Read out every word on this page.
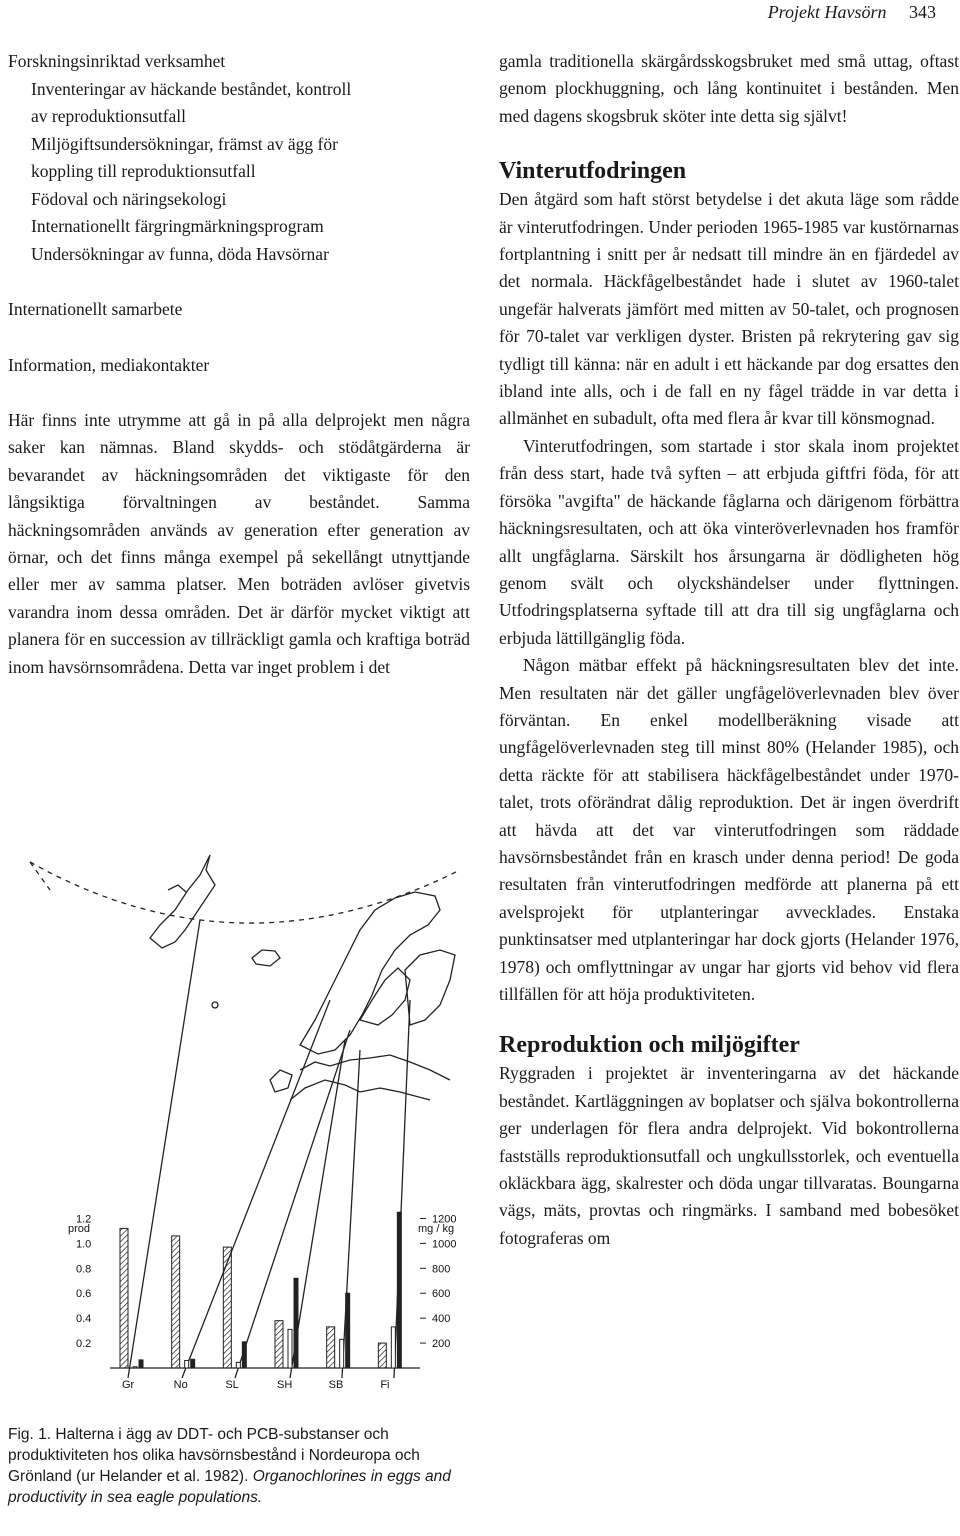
Projekt Havsörn 343

Forskningsinriktad verksamhet

Inventeringar av häckande beståndet, kontroll

av reproduktionsutfall

Miljögiftsundersökningar, främst av ägg för

koppling till reproduktionsutfall

Födoval och näringsekologi

Internationellt färgringmärkningsprogram

Undersökningar av funna, döda Havsörnar

Internationellt samarbete

Information, mediakontakter

Här finns inte utrymme att gå in på alla delprojekt men några saker kan nämnas. Bland skydds- och stödåtgärderna är bevarandet av häckningsområden det viktigaste för den långsiktiga förvaltningen av beståndet. Samma häckningsområden används av generation efter generation av örnar, och det finns många exempel på sekellångt utnyttjande eller mer av samma platser. Men boträden avlöser givetvis varandra inom dessa områden. Det är därför mycket viktigt att planera för en succession av tillräckligt gamla och kraftiga boträd inom havsörnsområdena. Detta var inget problem i det

prod	mg / kg
1.2
1.0
0.8
0.6
0.4
0.2
1200
1000
800
600
400
200
Gr	No	SL	SH	SB	Fi
Fig. 1. Halterna i ägg av DDT- och PCB-substanser och produktiviteten hos olika havsörnsbestånd i Nordeuropa och Grönland (ur Helander et al. 1982). Organochlorines in eggs and productivity in sea eagle populations.

gamla traditionella skärgårdsskogsbruket med små uttag, oftast genom plockhuggning, och lång kontinuitet i bestånden. Men med dagens skogsbruk sköter inte detta sig självt!

Vinterutfodringen

Den åtgärd som haft störst betydelse i det akuta läge som rådde är vinterutfodringen. Under perioden 1965-1985 var kustörnarnas fortplantning i snitt per år nedsatt till mindre än en fjärdedel av det normala. Häckfågelbeståndet hade i slutet av 1960-talet ungefär halverats jämfört med mitten av 50-talet, och prognosen för 70-talet var verkligen dyster. Bristen på rekrytering gav sig tydligt till känna: när en adult i ett häckande par dog ersattes den ibland inte alls, och i de fall en ny fågel trädde in var detta i allmänhet en subadult, ofta med flera år kvar till könsmognad.

Vinterutfodringen, som startade i stor skala inom projektet från dess start, hade två syften – att erbjuda giftfri föda, för att försöka "avgifta" de häckande fåglarna och därigenom förbättra häckningsresultaten, och att öka vinteröverlevnaden hos framför allt ungfåglarna. Särskilt hos årsungarna är dödligheten hög genom svält och olyckshändelser under flyttningen. Utfodringsplatserna syftade till att dra till sig ungfåglarna och erbjuda lättillgänglig föda.

Någon mätbar effekt på häckningsresultaten blev det inte. Men resultaten när det gäller ungfågelöverlevnaden blev över förväntan. En enkel modellberäkning visade att ungfågelöverlevnaden steg till minst 80% (Helander 1985), och detta räckte för att stabilisera häckfågelbeståndet under 1970-talet, trots oförändrat dålig reproduktion. Det är ingen överdrift att hävda att det var vinterutfodringen som räddade havsörnsbeståndet från en krasch under denna period! De goda resultaten från vinterutfodringen medförde att planerna på ett avelsprojekt för utplanteringar avvecklades. Enstaka punktinsatser med utplanteringar har dock gjorts (Helander 1976, 1978) och omflyttningar av ungar har gjorts vid behov vid flera tillfällen för att höja produktiviteten.

Reproduktion och miljögifter

Ryggraden i projektet är inventeringarna av det häckande beståndet. Kartläggningen av boplatser och själva bokontrollerna ger underlagen för flera andra delprojekt. Vid bokontrollerna fastställs reproduktionsutfall och ungkullsstorlek, och eventuella okläckbara ägg, skalrester och döda ungar tillvaratas. Boungarna vägs, mäts, provtas och ringmärks. I samband med bobesöket fotograferas om
